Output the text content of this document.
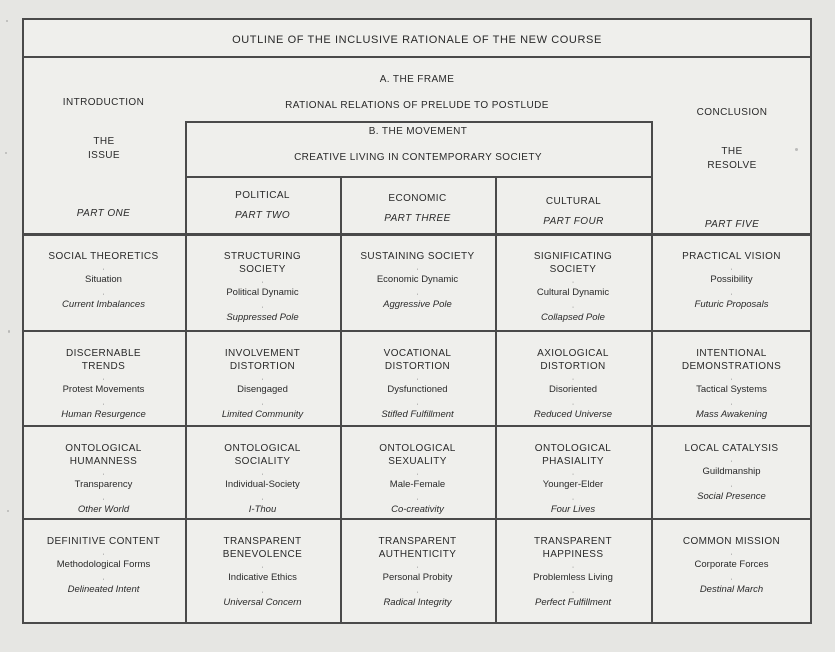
OUTLINE OF THE INCLUSIVE RATIONALE OF THE NEW COURSE
A. THE FRAME
RATIONAL RELATIONS OF PRELUDE TO POSTLUDE
B. THE MOVEMENT
CREATIVE LIVING IN CONTEMPORARY SOCIETY
INTRODUCTION
THE ISSUE
PART ONE
CONCLUSION
THE RESOLVE
PART FIVE
POLITICAL
PART TWO
ECONOMIC
PART THREE
CULTURAL
PART FOUR
SOCIAL THEORETICS
·
Situation
·
Current Imbalances
STRUCTURING SOCIETY
·
Political Dynamic
·
Suppressed Pole
SUSTAINING SOCIETY
·
Economic Dynamic
·
Aggressive Pole
SIGNIFICATING SOCIETY
·
Cultural Dynamic
·
Collapsed Pole
PRACTICAL VISION
·
Possibility
·
Futuric Proposals
DISCERNABLE TRENDS
·
Protest Movements
·
Human Resurgence
INVOLVEMENT DISTORTION
·
Disengaged
·
Limited Community
VOCATIONAL DISTORTION
·
Dysfunctioned
·
Stifled Fulfillment
AXIOLOGICAL DISTORTION
·
Disoriented
·
Reduced Universe
INTENTIONAL DEMONSTRATIONS
·
Tactical Systems
·
Mass Awakening
ONTOLOGICAL HUMANNESS
·
Transparency
·
Other World
ONTOLOGICAL SOCIALITY
·
Individual-Society
·
I-Thou
ONTOLOGICAL SEXUALITY
·
Male-Female
·
Co-creativity
ONTOLOGICAL PHASIALITY
·
Younger-Elder
·
Four Lives
LOCAL CATALYSIS
·
Guildmanship
·
Social Presence
DEFINITIVE CONTENT
·
Methodological Forms
·
Delineated Intent
TRANSPARENT BENEVOLENCE
·
Indicative Ethics
·
Universal Concern
TRANSPARENT AUTHENTICITY
·
Personal Probity
·
Radical Integrity
TRANSPARENT HAPPINESS
·
Problemless Living
·
Perfect Fulfillment
COMMON MISSION
·
Corporate Forces
·
Destinal March
